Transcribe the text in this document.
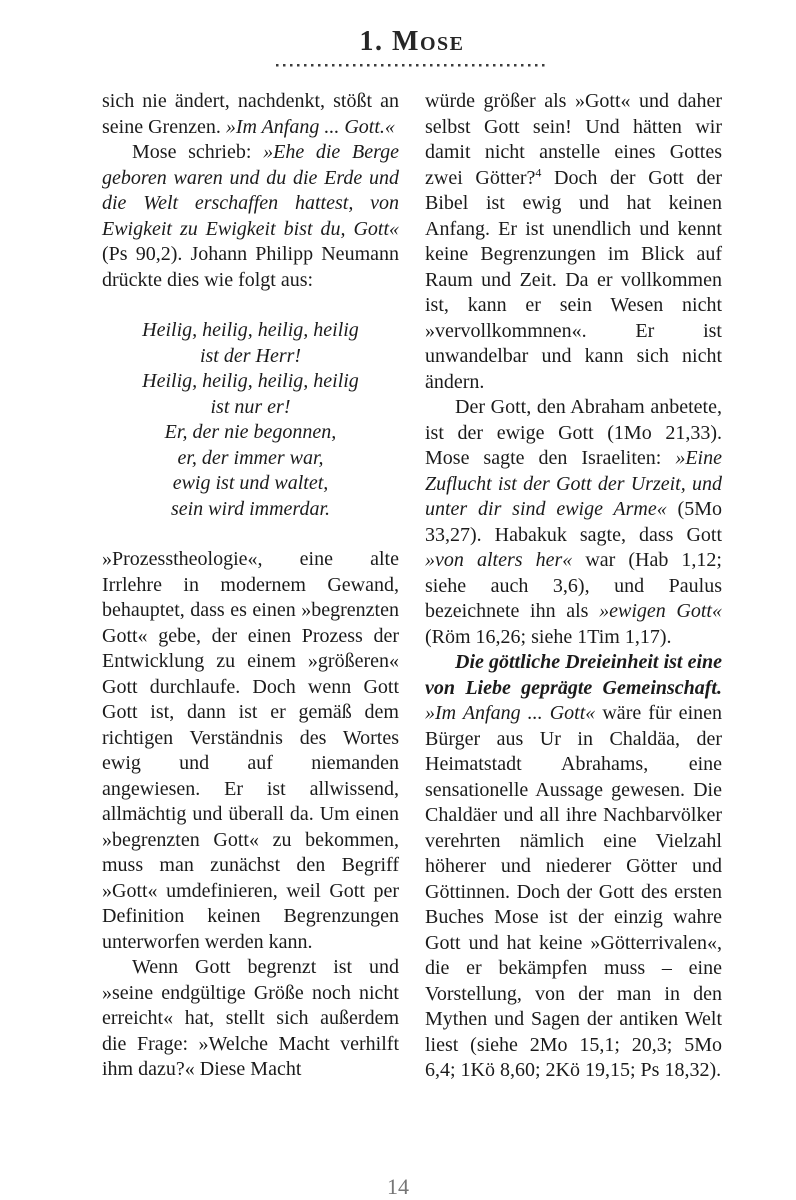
1. Mose

sich nie ändert, nachdenkt, stößt an seine Grenzen. »Im Anfang ... Gott.«

Mose schrieb: »Ehe die Berge geboren waren und du die Erde und die Welt erschaffen hattest, von Ewigkeit zu Ewigkeit bist du, Gott« (Ps 90,2). Johann Philipp Neumann drückte dies wie folgt aus:

Heilig, heilig, heilig, heilig
ist der Herr!
Heilig, heilig, heilig, heilig
ist nur er!
Er, der nie begonnen,
er, der immer war,
ewig ist und waltet,
sein wird immerdar.

»Prozesstheologie«, eine alte Irrlehre in modernem Gewand, behauptet, dass es einen »begrenzten Gott« gebe, der einen Prozess der Entwicklung zu einem »größeren« Gott durchlaufe. Doch wenn Gott Gott ist, dann ist er gemäß dem richtigen Verständnis des Wortes ewig und auf niemanden angewiesen. Er ist allwissend, allmächtig und überall da. Um einen »begrenzten Gott« zu bekommen, muss man zunächst den Begriff »Gott« umdefinieren, weil Gott per Definition keinen Begrenzungen unterworfen werden kann.

Wenn Gott begrenzt ist und »seine endgültige Größe noch nicht erreicht« hat, stellt sich außerdem die Frage: »Welche Macht verhilft ihm dazu?« Diese Macht

würde größer als »Gott« und daher selbst Gott sein! Und hätten wir damit nicht anstelle eines Gottes zwei Götter?$^4$ Doch der Gott der Bibel ist ewig und hat keinen Anfang. Er ist unendlich und kennt keine Begrenzungen im Blick auf Raum und Zeit. Da er vollkommen ist, kann er sein Wesen nicht »vervollkommnen«. Er ist unwandelbar und kann sich nicht ändern.

Der Gott, den Abraham anbetete, ist der ewige Gott (1Mo 21,33). Mose sagte den Israeliten: »Eine Zuflucht ist der Gott der Urzeit, und unter dir sind ewige Arme« (5Mo 33,27). Habakuk sagte, dass Gott »von alters her« war (Hab 1,12; siehe auch 3,6), und Paulus bezeichnete ihn als »ewigen Gott« (Röm 16,26; siehe 1Tim 1,17).

Die göttliche Dreieinheit ist eine von Liebe geprägte Gemeinschaft. »Im Anfang ... Gott« wäre für einen Bürger aus Ur in Chaldäa, der Heimatstadt Abrahams, eine sensationelle Aussage gewesen. Die Chaldäer und all ihre Nachbarvölker verehrten nämlich eine Vielzahl höherer und niederer Götter und Göttinnen. Doch der Gott des ersten Buches Mose ist der einzig wahre Gott und hat keine »Götterrivalen«, die er bekämpfen muss – eine Vorstellung, von der man in den Mythen und Sagen der antiken Welt liest (siehe 2Mo 15,1; 20,3; 5Mo 6,4; 1Kö 8,60; 2Kö 19,15; Ps 18,32).

14
